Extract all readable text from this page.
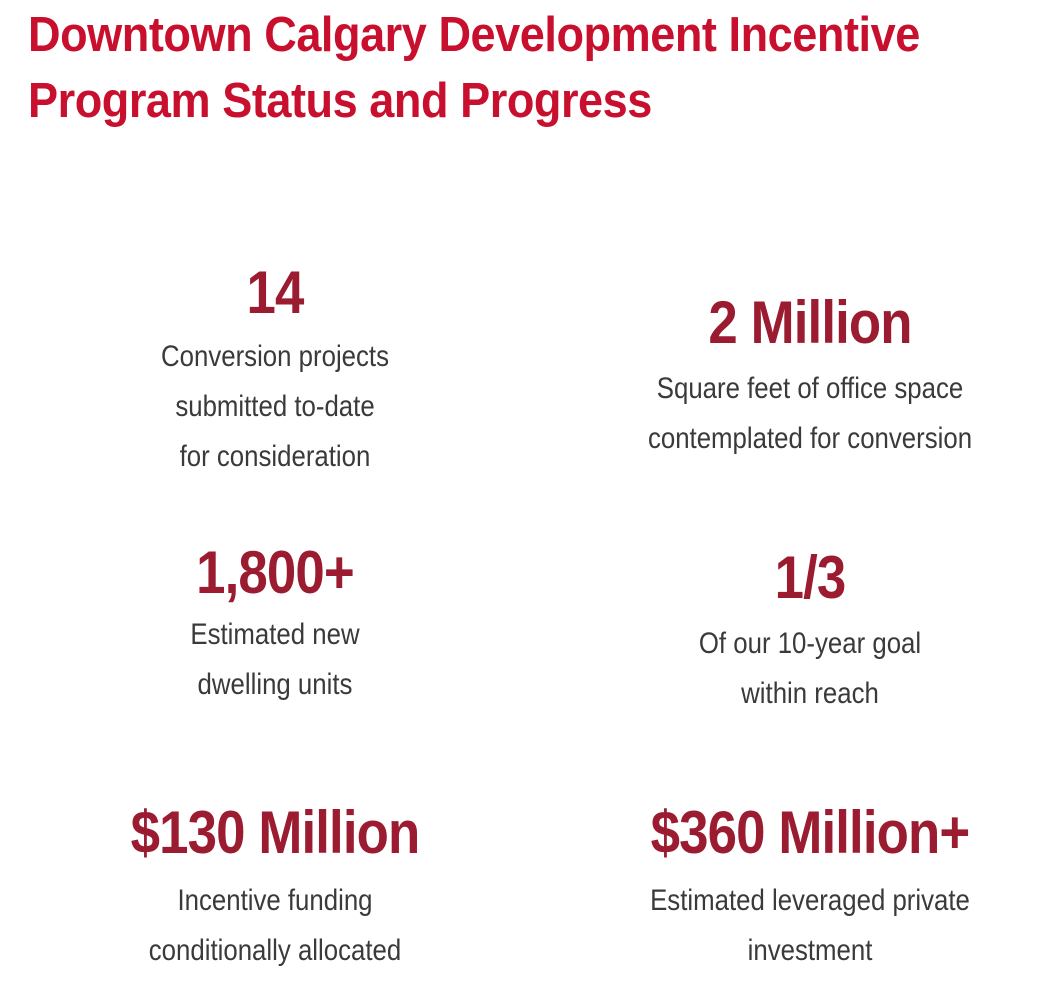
Downtown Calgary Development Incentive Program Status and Progress
14
Conversion projects
submitted to-date
for consideration
2 Million
Square feet of office space
contemplated for conversion
1,800+
Estimated new
dwelling units
1/3
Of our 10-year goal
within reach
$130 Million
Incentive funding
conditionally allocated
$360 Million+
Estimated leveraged private
investment
